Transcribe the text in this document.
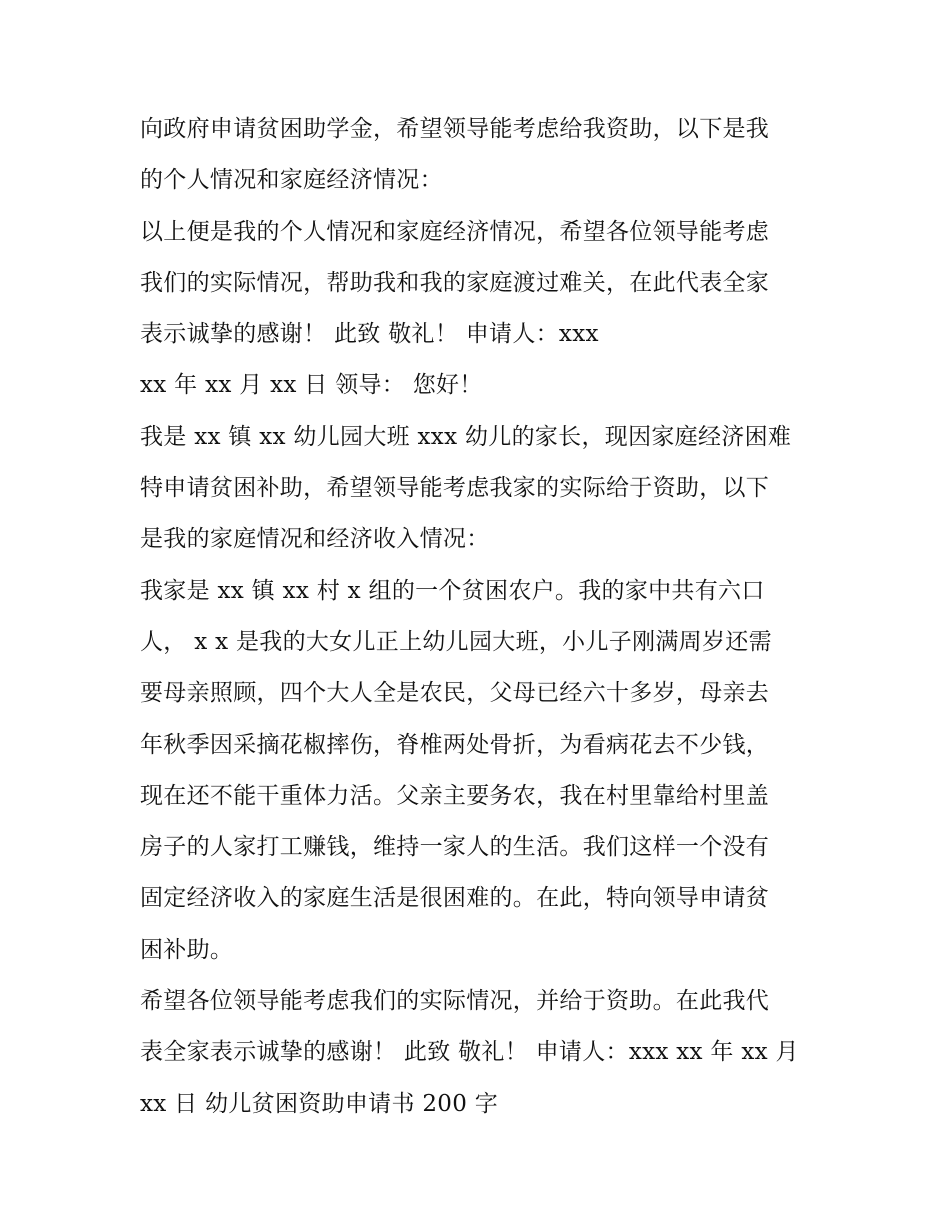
向政府申请贫困助学金，希望领导能考虑给我资助，以下是我
的个人情况和家庭经济情况：
以上便是我的个人情况和家庭经济情况，希望各位领导能考虑
我们的实际情况，帮助我和我的家庭渡过难关，在此代表全家
表示诚挚的感谢！ 此致 敬礼！ 申请人：xxx
xx 年 xx 月 xx 日 领导： 您好！
我是 xx 镇 xx 幼儿园大班 xxx 幼儿的家长，现因家庭经济困难
特申请贫困补助，希望领导能考虑我家的实际给于资助，以下
是我的家庭情况和经济收入情况：
我家是 xx 镇 xx 村 x 组的一个贫困农户。我的家中共有六口
人， x x 是我的大女儿正上幼儿园大班，小儿子刚满周岁还需
要母亲照顾，四个大人全是农民，父母已经六十多岁，母亲去
年秋季因采摘花椒摔伤，脊椎两处骨折，为看病花去不少钱，
现在还不能干重体力活。父亲主要务农，我在村里靠给村里盖
房子的人家打工赚钱，维持一家人的生活。我们这样一个没有
固定经济收入的家庭生活是很困难的。在此，特向领导申请贫
困补助。
希望各位领导能考虑我们的实际情况，并给于资助。在此我代
表全家表示诚挚的感谢！ 此致 敬礼！ 申请人：xxx xx 年 xx 月
xx 日 幼儿贫困资助申请书 200 字
